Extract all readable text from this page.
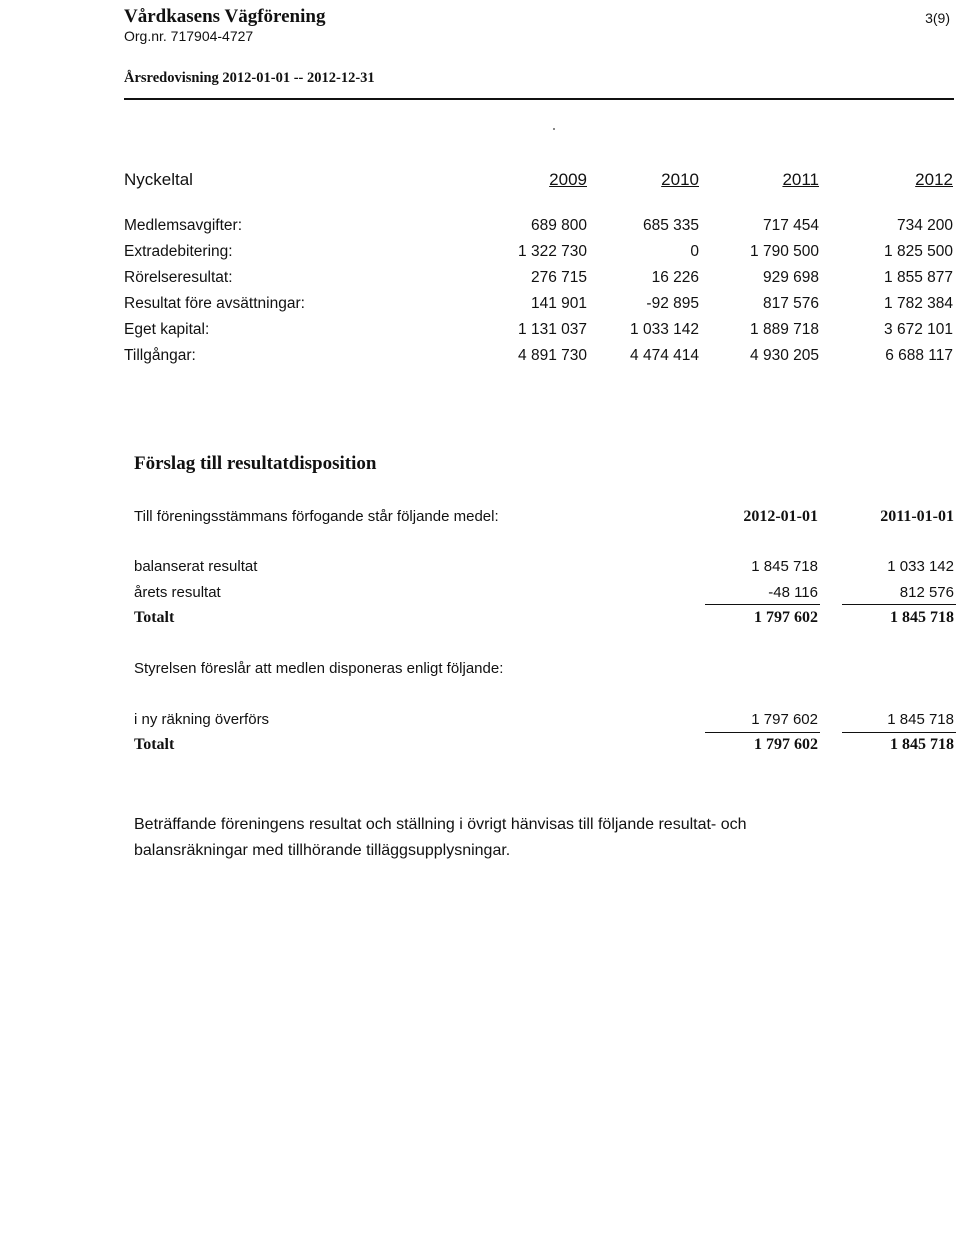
Vårdkasens Vägförening
Org.nr. 717904-4727
3(9)
Årsredovisning 2012-01-01 -- 2012-12-31
Nyckeltal	2009	2010	2011	2012
Medlemsavgifter:	689 800	685 335	717 454	734 200
Extradebitering:	1 322 730	0	1 790 500	1 825 500
Rörelseresultat:	276 715	16 226	929 698	1 855 877
Resultat före avsättningar:	141 901	-92 895	817 576	1 782 384
Eget kapital:	1 131 037	1 033 142	1 889 718	3 672 101
Tillgångar:	4 891 730	4 474 414	4 930 205	6 688 117
Förslag till resultatdisposition
Till föreningsstämmans förfogande står följande medel:	2012-01-01	2011-01-01
balanserat resultat	1 845 718	1 033 142
årets resultat	-48 116	812 576
Totalt	1 797 602	1 845 718
Styrelsen föreslår att medlen disponeras enligt följande:
i ny räkning överförs	1 797 602	1 845 718
Totalt	1 797 602	1 845 718
Beträffande föreningens resultat och ställning i övrigt hänvisas till följande resultat- och
balansräkningar med tillhörande tilläggsupplysningar.
